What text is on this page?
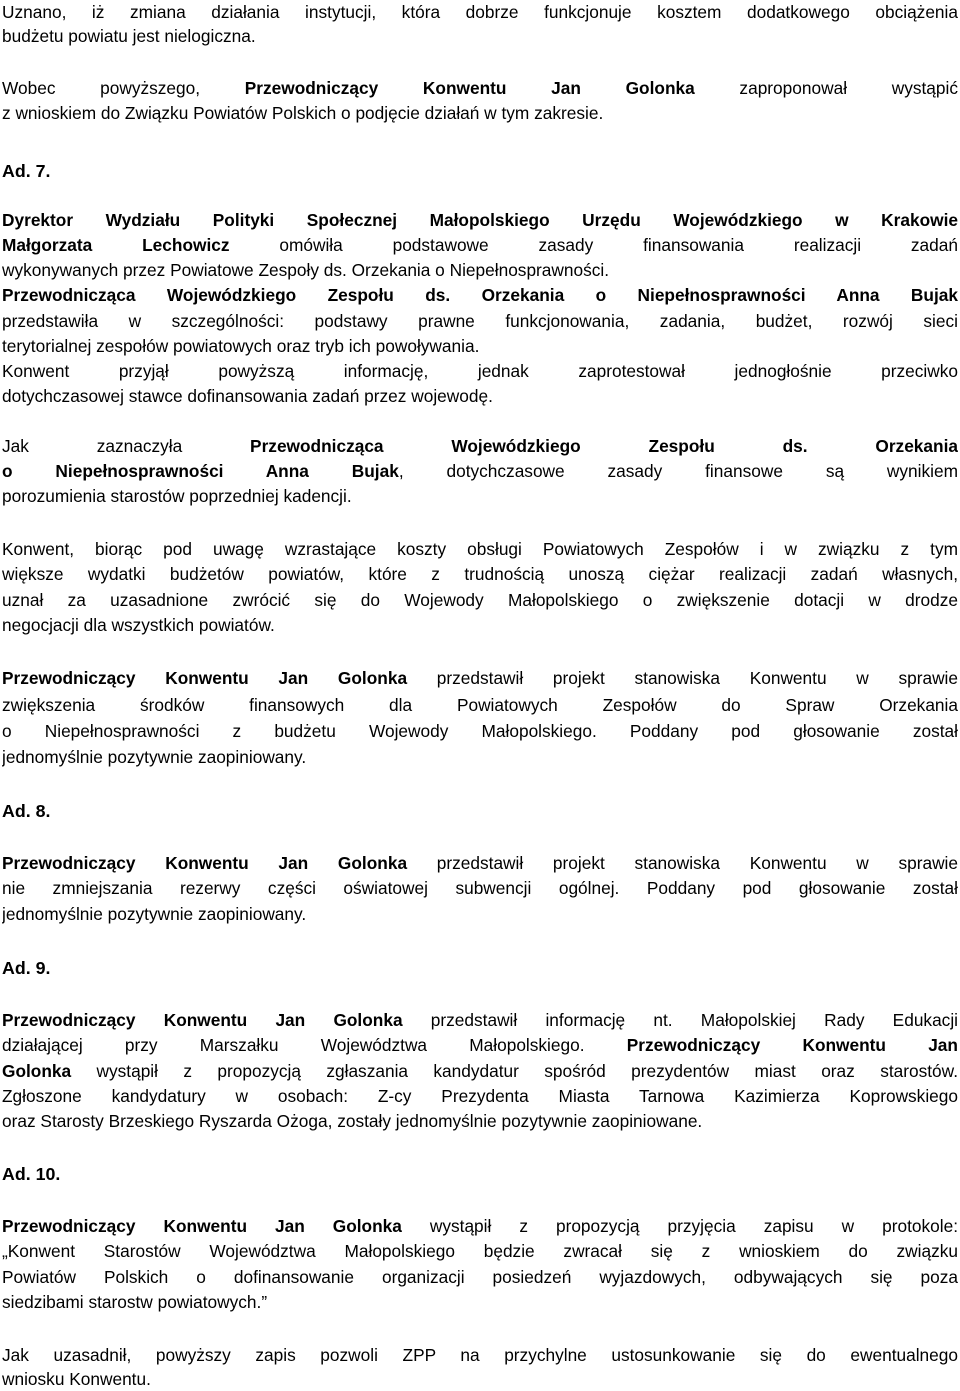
Uznano, iż zmiana działania instytucji, która dobrze funkcjonuje kosztem dodatkowego obciążenia
budżetu powiatu jest nielogiczna.
Wobec powyższego, Przewodniczący Konwentu Jan Golonka zaproponował wystąpić
z wnioskiem do Związku Powiatów Polskich o podjęcie działań w tym zakresie.
Ad. 7.
Dyrektor Wydziału Polityki Społecznej Małopolskiego Urzędu Wojewódzkiego w Krakowie
Małgorzata Lechowicz omówiła podstawowe zasady finansowania realizacji zadań
wykonywanych przez Powiatowe Zespoły ds. Orzekania o Niepełnosprawności.
Przewodnicząca Wojewódzkiego Zespołu ds. Orzekania o Niepełnosprawności Anna Bujak
przedstawiła w szczególności: podstawy prawne funkcjonowania, zadania, budżet, rozwój sieci
terytorialnej zespołów powiatowych oraz tryb ich powoływania.
Konwent przyjął powyższą informację, jednak zaprotestował jednogłośnie przeciwko
dotychczasowej stawce dofinansowania zadań przez wojewodę.
Jak zaznaczyła Przewodnicząca Wojewódzkiego Zespołu ds. Orzekania
o Niepełnosprawności Anna Bujak, dotychczasowe zasady finansowe są wynikiem
porozumienia starostów poprzedniej kadencji.
Konwent, biorąc pod uwagę wzrastające koszty obsługi Powiatowych Zespołów i w związku z tym
większe wydatki budżetów powiatów, które z trudnością unoszą ciężar realizacji zadań własnych,
uznał za uzasadnione zwrócić się do Wojewody Małopolskiego o zwiększenie dotacji w drodze
negocjacji dla wszystkich powiatów.
Przewodniczący Konwentu Jan Golonka przedstawił projekt stanowiska Konwentu w sprawie
zwiększenia środków finansowych dla Powiatowych Zespołów do Spraw Orzekania
o Niepełnosprawności z budżetu Wojewody Małopolskiego. Poddany pod głosowanie został
jednomyślnie pozytywnie zaopiniowany.
Ad. 8.
Przewodniczący Konwentu Jan Golonka przedstawił projekt stanowiska Konwentu w sprawie
nie zmniejszania rezerwy części oświatowej subwencji ogólnej. Poddany pod głosowanie został
jednomyślnie pozytywnie zaopiniowany.
Ad. 9.
Przewodniczący Konwentu Jan Golonka przedstawił informację nt. Małopolskiej Rady Edukacji
działającej przy Marszałku Województwa Małopolskiego. Przewodniczący Konwentu Jan
Golonka wystąpił z propozycją zgłaszania kandydatur spośród prezydentów miast oraz starostów.
Zgłoszone kandydatury w osobach: Z-cy Prezydenta Miasta Tarnowa Kazimierza Koprowskiego
oraz Starosty Brzeskiego Ryszarda Ożoga, zostały jednomyślnie pozytywnie zaopiniowane.
Ad. 10.
Przewodniczący Konwentu Jan Golonka wystąpił z propozycją przyjęcia zapisu w protokole:
„Konwent Starostów Województwa Małopolskiego będzie zwracał się z wnioskiem do związku
Powiatów Polskich o dofinansowanie organizacji posiedzeń wyjazdowych, odbywających się poza
siedzibami starostw powiatowych.”
Jak uzasadnił, powyższy zapis pozwoli ZPP na przychylne ustosunkowanie się do ewentualnego
wniosku Konwentu.
